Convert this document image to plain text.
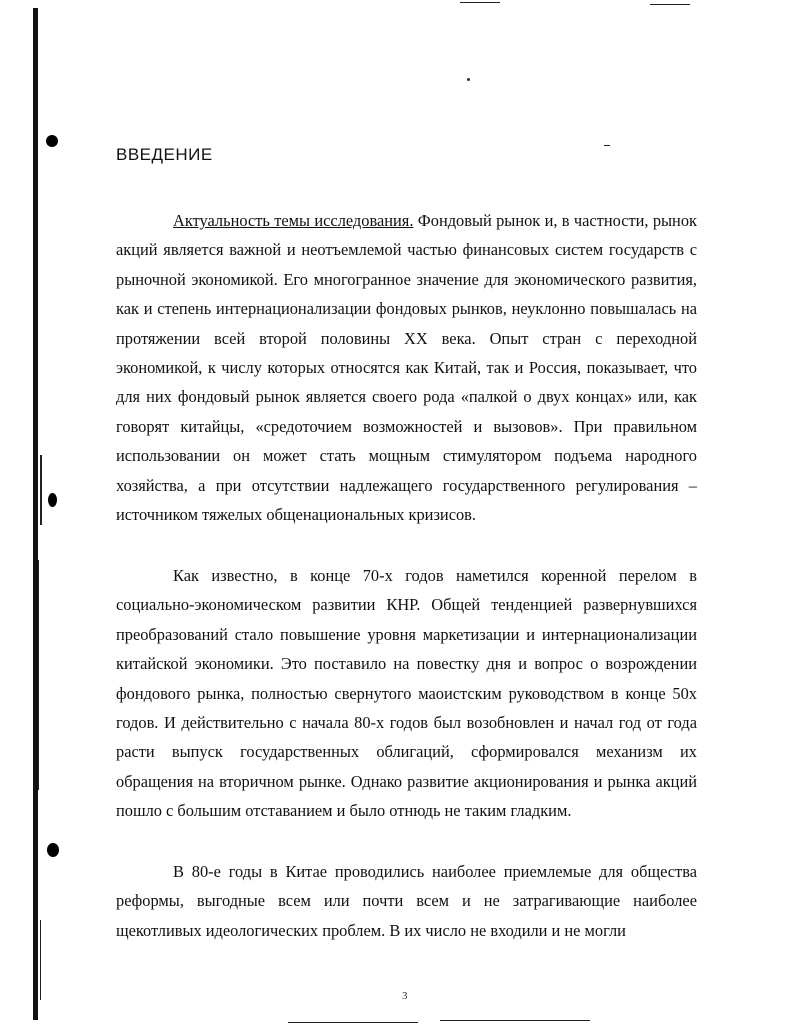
ВВЕДЕНИЕ

Актуальность темы исследования. Фондовый рынок и, в частности, рынок акций является важной и неотъемлемой частью финансовых систем государств с рыночной экономикой. Его многогранное значение для экономического развития, как и степень интернационализации фондовых рынков, неуклонно повышалась на протяжении всей второй половины XX века. Опыт стран с переходной экономикой, к числу которых относятся как Китай, так и Россия, показывает, что для них фондовый рынок является своего рода «палкой о двух концах» или, как говорят китайцы, «средоточием возможностей и вызовов». При правильном использовании он может стать мощным стимулятором подъема народного хозяйства, а при отсутствии надлежащего государственного регулирования – источником тяжелых общенациональных кризисов.

Как известно, в конце 70-х годов наметился коренной перелом в социально-экономическом развитии КНР. Общей тенденцией развернувшихся преобразований стало повышение уровня маркетизации и интернационализации китайской экономики. Это поставило на повестку дня и вопрос о возрождении фондового рынка, полностью свернутого маоистским руководством в конце 50х годов. И действительно с начала 80-х годов был возобновлен и начал год от года расти выпуск государственных облигаций, сформировался механизм их обращения на вторичном рынке. Однако развитие акционирования и рынка акций пошло с большим отставанием и было отнюдь не таким гладким.

В 80-е годы в Китае проводились наиболее приемлемые для общества реформы, выгодные всем или почти всем и не затрагивающие наиболее щекотливых идеологических проблем. В их число не входили и не могли

3
